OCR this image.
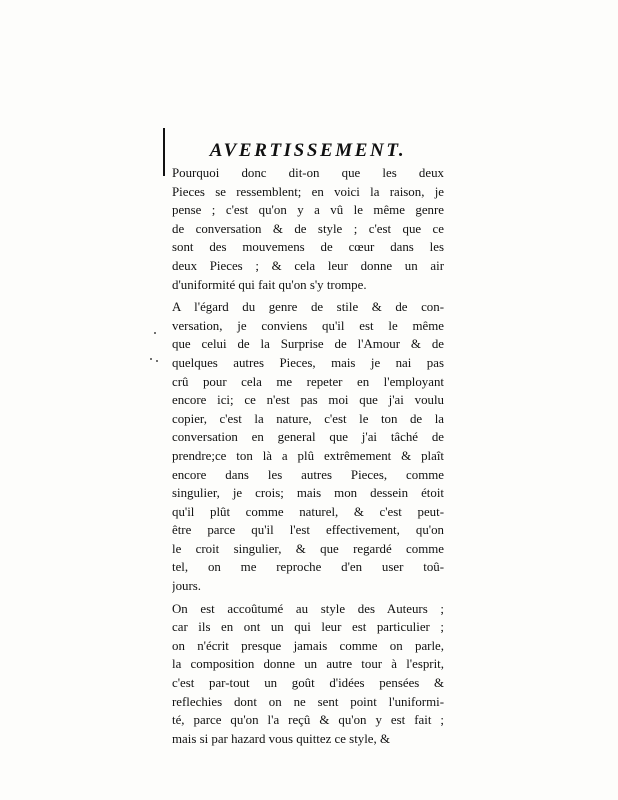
AVERTISSEMENT.

Pourquoi donc dit-on que les deux
Pieces se ressemblent; en voici la raison, je
pense ; c'est qu'on y a vû le même genre
de conversation & de style ; c'est que ce
sont des mouvemens de cœur dans les
deux Pieces ; & cela leur donne un air
d'uniformité qui fait qu'on s'y trompe.

A l'égard du genre de stile & de con-
versation, je conviens qu'il est le même
que celui de la Surprise de l'Amour & de
quelques autres Pieces, mais je nai pas
crû pour cela me repeter en l'employant
encore ici; ce n'est pas moi que j'ai voulu
copier, c'est la nature, c'est le ton de la
conversation en general que j'ai tâché de
prendre;ce ton là a plû extrêmement & plaît
encore dans les autres Pieces, comme
singulier, je crois; mais mon dessein étoit
qu'il plût comme naturel, & c'est peut-
être parce qu'il l'est effectivement, qu'on
le croit singulier, & que regardé comme
tel, on me reproche d'en user toû-
jours.

On est accoûtumé au style des Auteurs ;
car ils en ont un qui leur est particulier ;
on n'écrit presque jamais comme on parle,
la composition donne un autre tour à l'esprit,
c'est par-tout un goût d'idées pensées &
reflechies dont on ne sent point l'uniformi-
té, parce qu'on l'a reçû & qu'on y est fait ;
mais si par hazard vous quittez ce style, &
